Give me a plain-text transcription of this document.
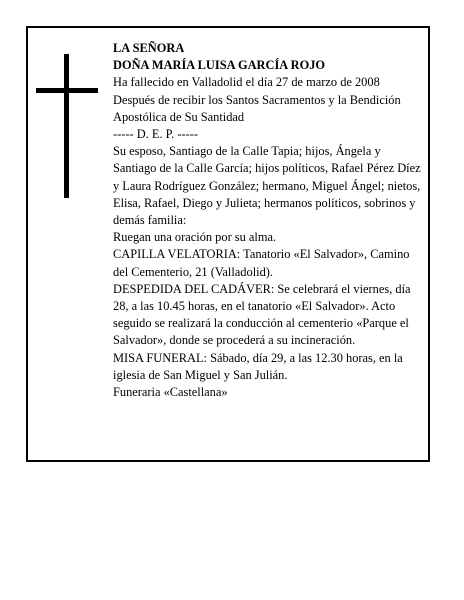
LA SEÑORA

DOÑA MARÍA LUISA GARCÍA ROJO

Ha fallecido en Valladolid el día 27 de marzo de 2008

Después de recibir los Santos Sacramentos y la Bendición Apostólica de Su Santidad

----- D. E. P. -----

Su esposo, Santiago de la Calle Tapia; hijos, Ángela y Santiago de la Calle García; hijos políticos, Rafael Pérez Díez y Laura Rodríguez González; hermano, Miguel Ángel; nietos, Elisa, Rafael, Diego y Julieta; hermanos políticos, sobrinos y demás familia:

Ruegan una oración por su alma.

CAPILLA VELATORIA: Tanatorio «El Salvador», Camino del Cementerio, 21 (Valladolid).

DESPEDIDA DEL CADÁVER: Se celebrará el viernes, día 28, a las 10.45 horas, en el tanatorio «El Salvador». Acto seguido se realizará la conducción al cementerio «Parque el Salvador», donde se procederá a su incineración.

MISA FUNERAL: Sábado, día 29, a las 12.30 horas, en la iglesia de San Miguel y San Julián.

Funeraria «Castellana»
